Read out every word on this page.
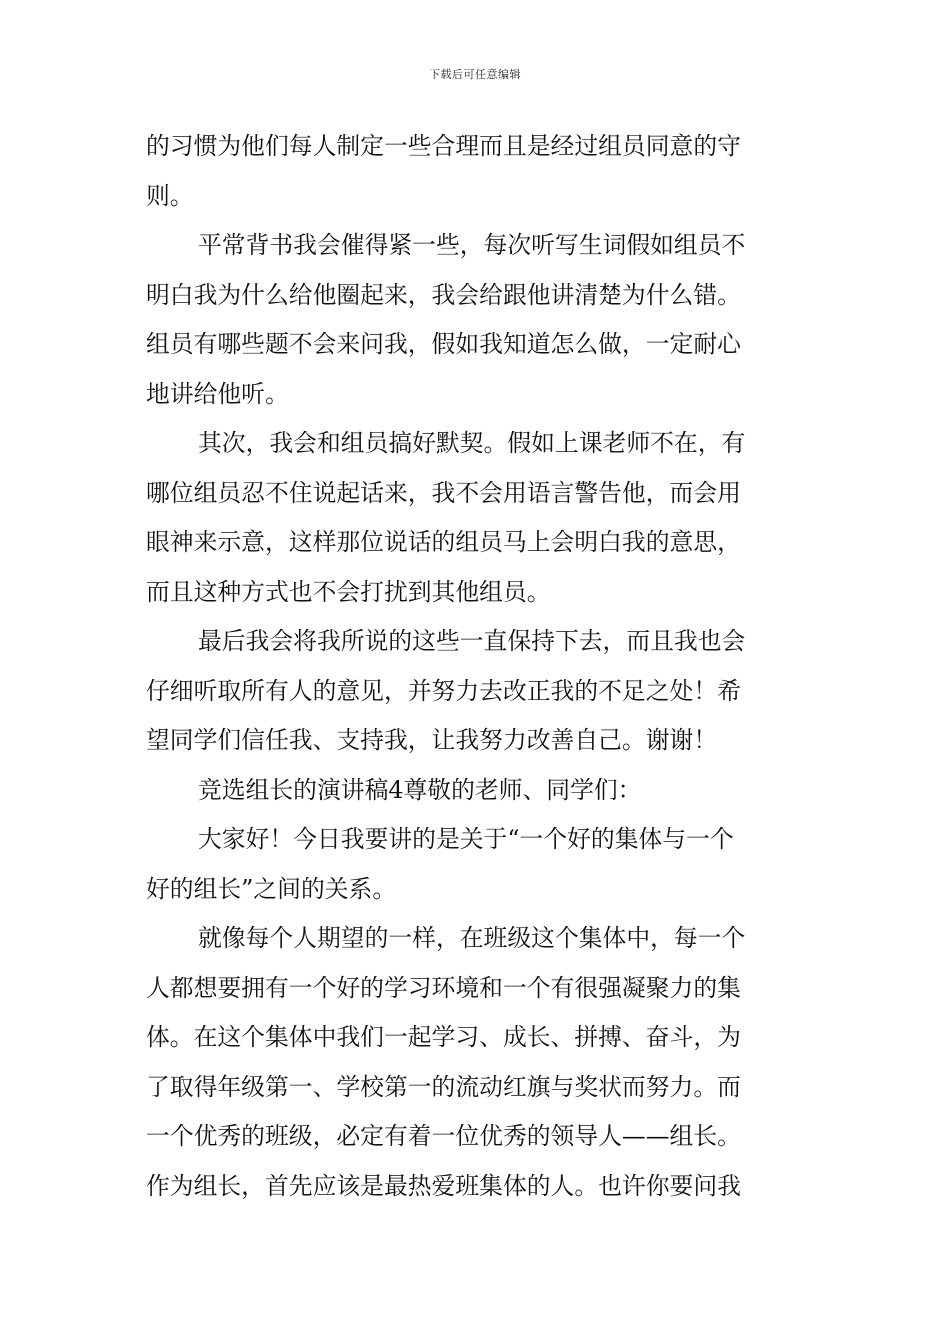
下载后可任意编辑
的习惯为他们每人制定一些合理而且是经过组员同意的守
则。
平常背书我会催得紧一些，每次听写生词假如组员不
明白我为什么给他圈起来，我会给跟他讲清楚为什么错。
组员有哪些题不会来问我，假如我知道怎么做，一定耐心
地讲给他听。
其次，我会和组员搞好默契。假如上课老师不在，有
哪位组员忍不住说起话来，我不会用语言警告他，而会用
眼神来示意，这样那位说话的组员马上会明白我的意思，
而且这种方式也不会打扰到其他组员。
最后我会将我所说的这些一直保持下去，而且我也会
仔细听取所有人的意见，并努力去改正我的不足之处！希
望同学们信任我、支持我，让我努力改善自己。谢谢！
竞选组长的演讲稿4尊敬的老师、同学们：
大家好！今日我要讲的是关于“一个好的集体与一个
好的组长”之间的关系。
就像每个人期望的一样，在班级这个集体中，每一个
人都想要拥有一个好的学习环境和一个有很强凝聚力的集
体。在这个集体中我们一起学习、成长、拼搏、奋斗，为
了取得年级第一、学校第一的流动红旗与奖状而努力。而
一个优秀的班级，必定有着一位优秀的领导人——组长。
作为组长，首先应该是最热爱班集体的人。也许你要问我
